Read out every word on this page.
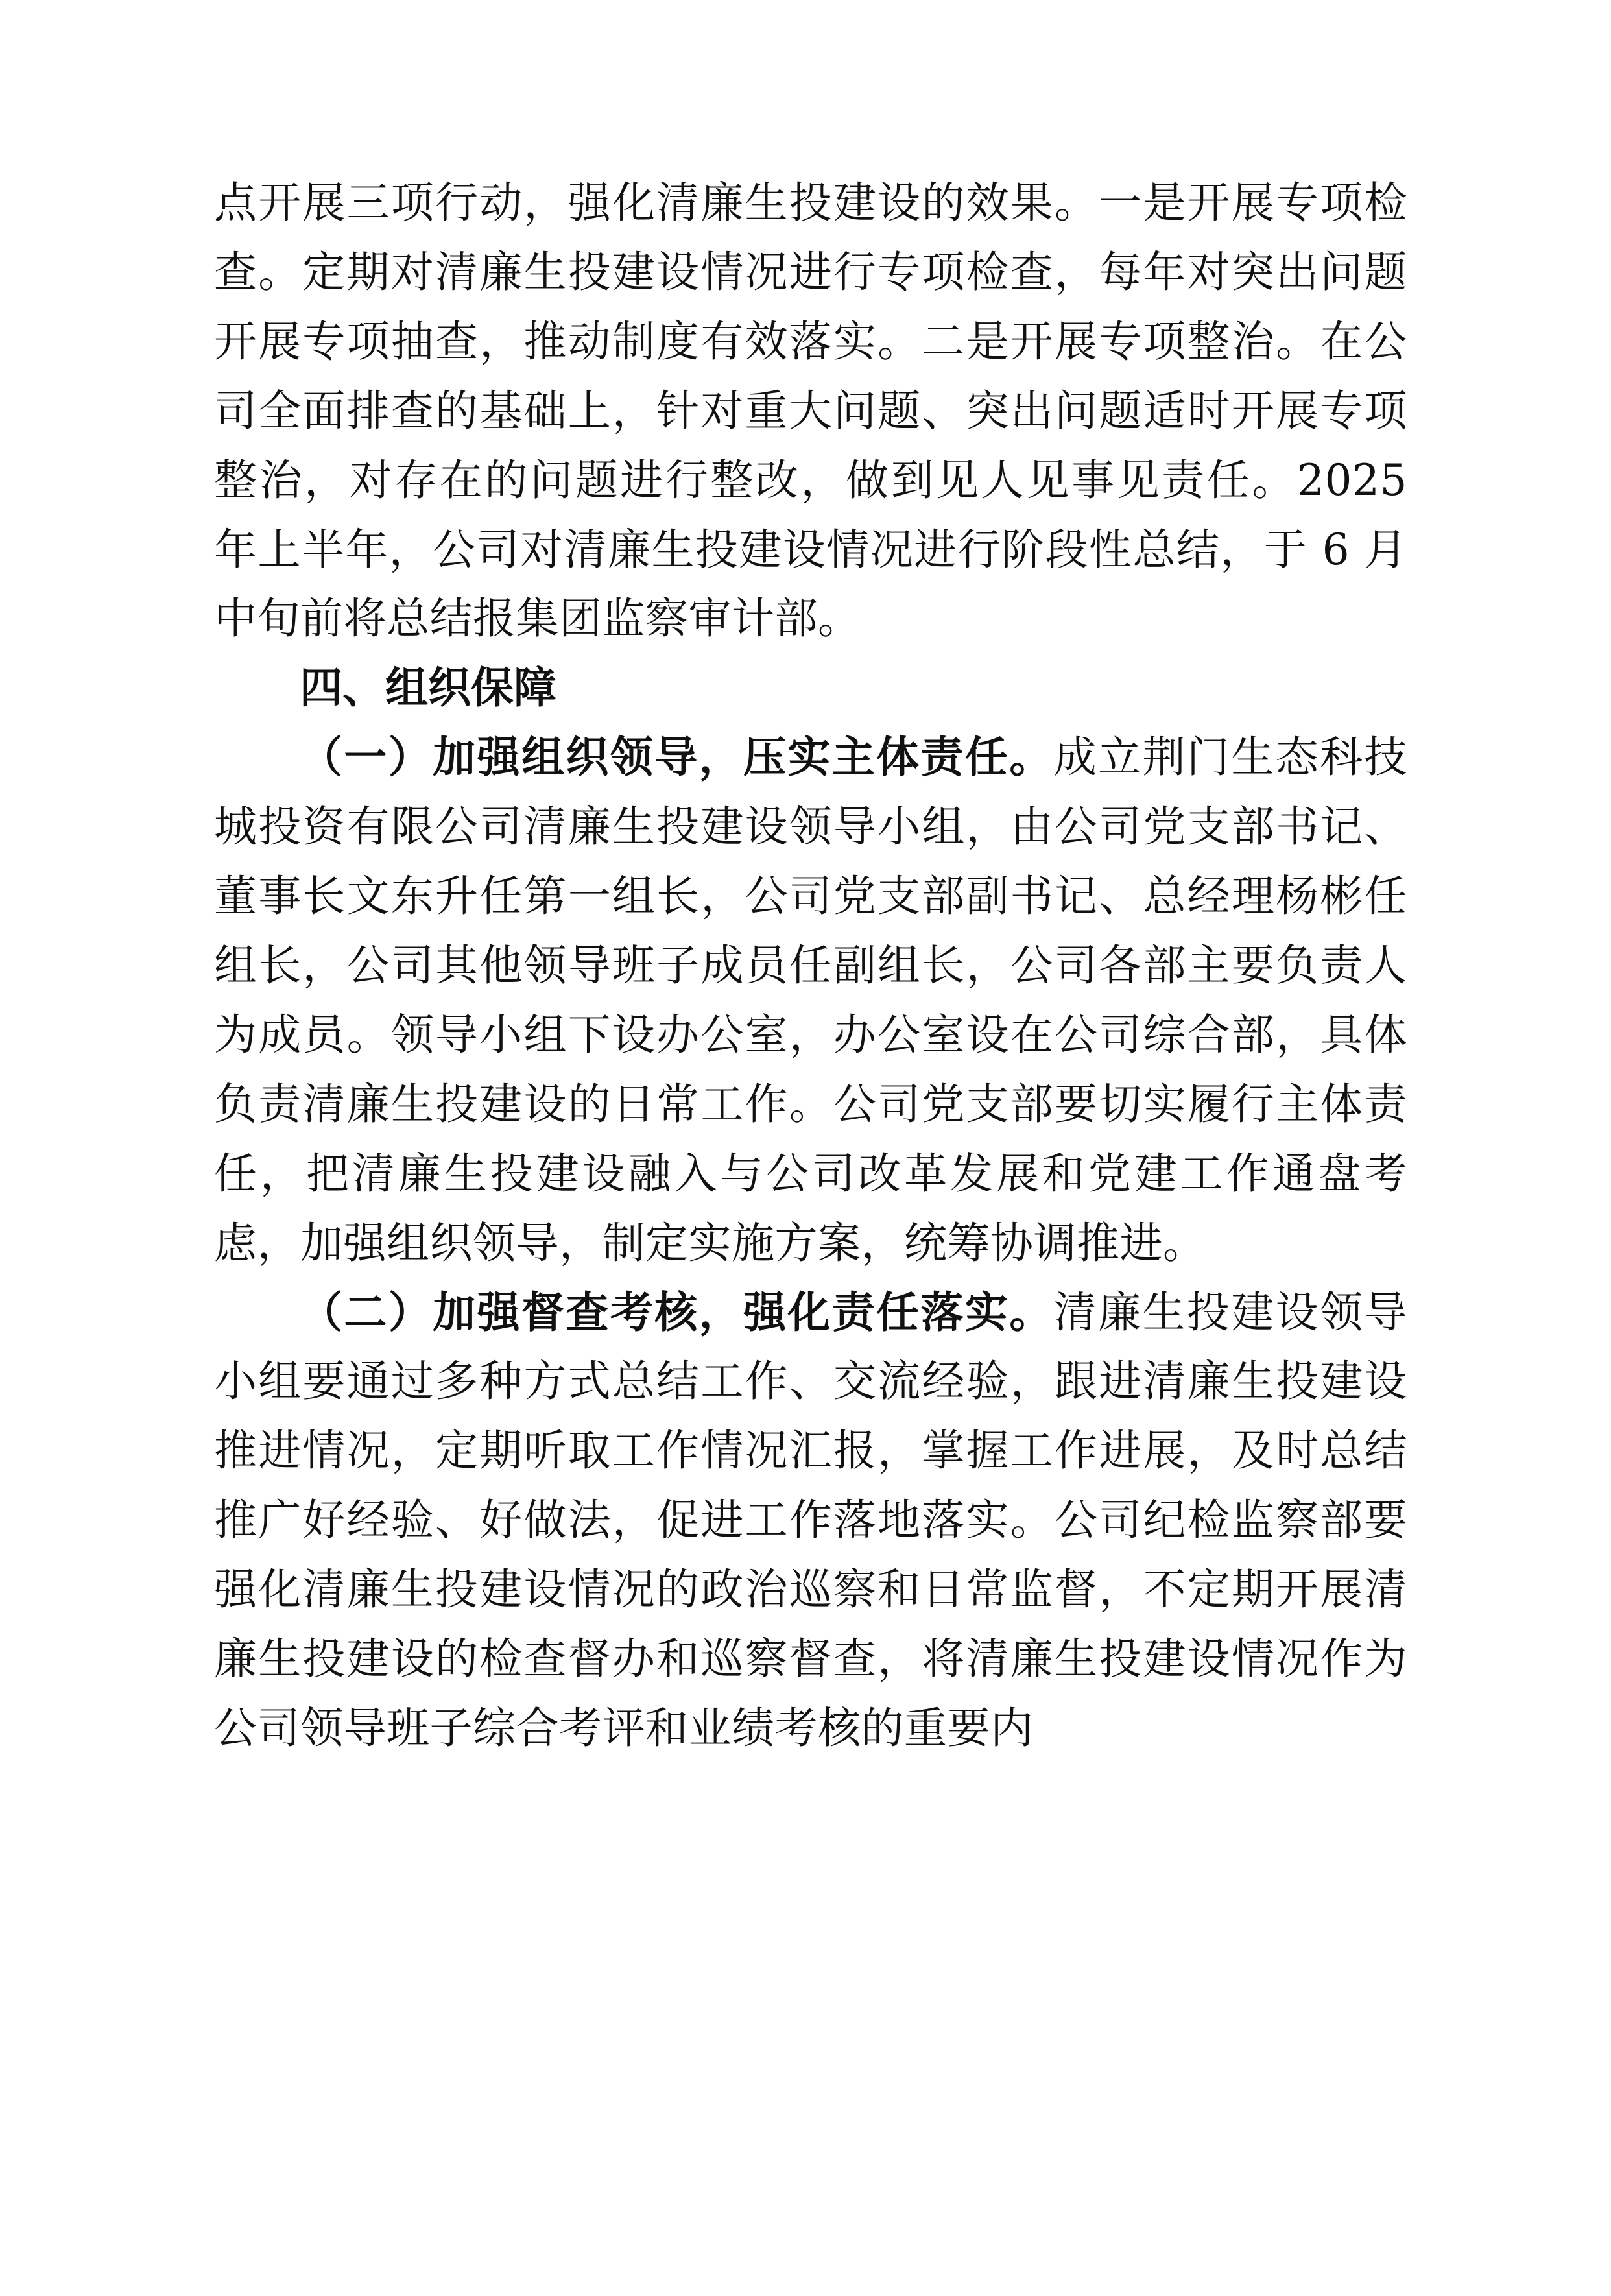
点开展三项行动，强化清廉生投建设的效果。一是开展专项检查。定期对清廉生投建设情况进行专项检查，每年对突出问题开展专项抽查，推动制度有效落实。二是开展专项整治。在公司全面排查的基础上，针对重大问题、突出问题适时开展专项整治，对存在的问题进行整改，做到见人见事见责任。2025 年上半年，公司对清廉生投建设情况进行阶段性总结，于 6 月中旬前将总结报集团监察审计部。

四、组织保障

（一）加强组织领导，压实主体责任。成立荆门生态科技城投资有限公司清廉生投建设领导小组，由公司党支部书记、董事长文东升任第一组长，公司党支部副书记、总经理杨彬任组长，公司其他领导班子成员任副组长，公司各部主要负责人为成员。领导小组下设办公室，办公室设在公司综合部，具体负责清廉生投建设的日常工作。公司党支部要切实履行主体责任，把清廉生投建设融入与公司改革发展和党建工作通盘考虑，加强组织领导，制定实施方案，统筹协调推进。

（二）加强督查考核，强化责任落实。清廉生投建设领导小组要通过多种方式总结工作、交流经验，跟进清廉生投建设推进情况，定期听取工作情况汇报，掌握工作进展，及时总结推广好经验、好做法，促进工作落地落实。公司纪检监察部要强化清廉生投建设情况的政治巡察和日常监督，不定期开展清廉生投建设的检查督办和巡察督查，将清廉生投建设情况作为公司领导班子综合考评和业绩考核的重要内
